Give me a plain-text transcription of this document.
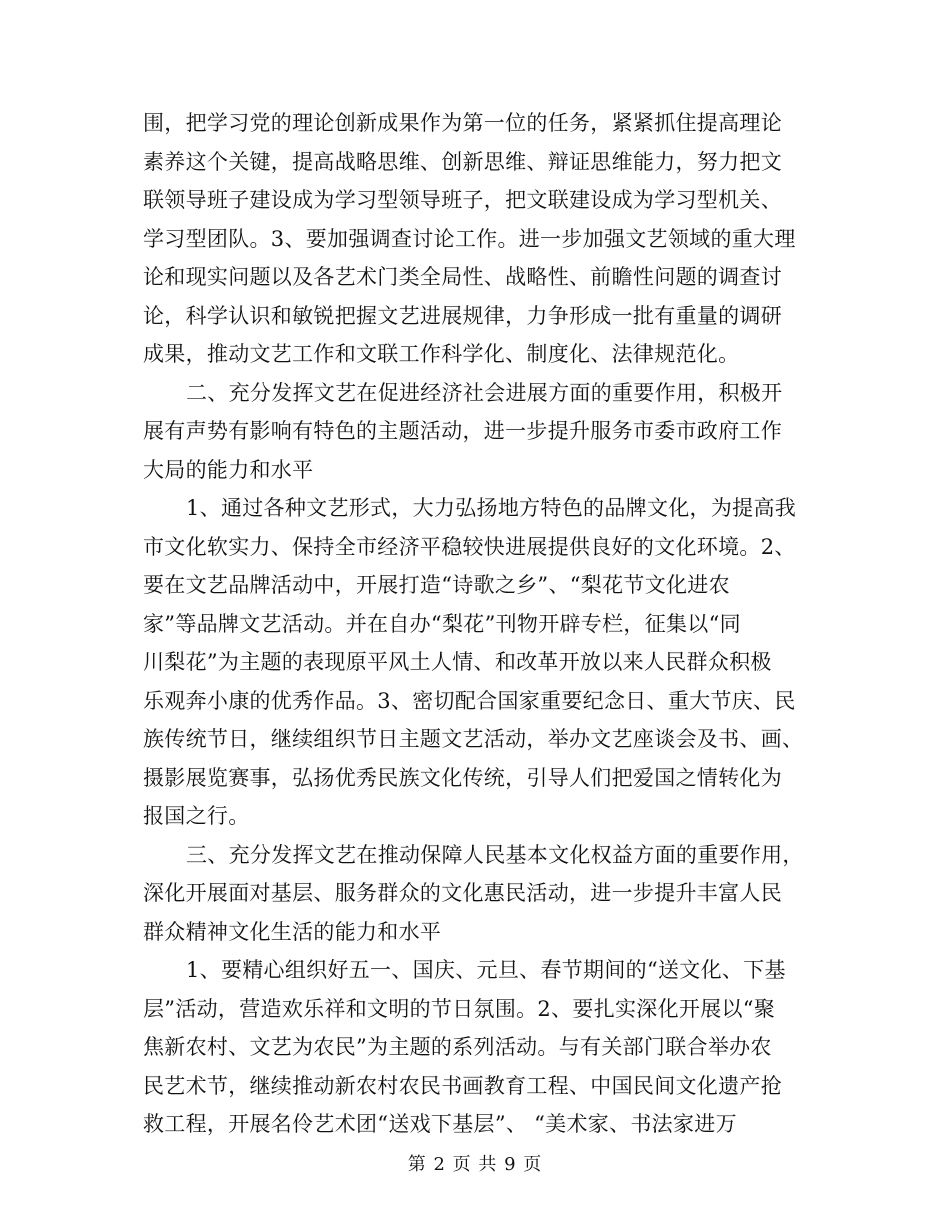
围，把学习党的理论创新成果作为第一位的任务，紧紧抓住提高理论
素养这个关键，提高战略思维、创新思维、辩证思维能力，努力把文
联领导班子建设成为学习型领导班子，把文联建设成为学习型机关、
学习型团队。3、要加强调查讨论工作。进一步加强文艺领域的重大理
论和现实问题以及各艺术门类全局性、战略性、前瞻性问题的调查讨
论，科学认识和敏锐把握文艺进展规律，力争形成一批有重量的调研
成果，推动文艺工作和文联工作科学化、制度化、法律规范化。
二、充分发挥文艺在促进经济社会进展方面的重要作用，积极开
展有声势有影响有特色的主题活动，进一步提升服务市委市政府工作
大局的能力和水平
1、通过各种文艺形式，大力弘扬地方特色的品牌文化，为提高我
市文化软实力、保持全市经济平稳较快进展提供良好的文化环境。2、
要在文艺品牌活动中，开展打造“诗歌之乡”、“梨花节文化进农
家”等品牌文艺活动。并在自办“梨花”刊物开辟专栏，征集以“同
川梨花”为主题的表现原平风土人情、和改革开放以来人民群众积极
乐观奔小康的优秀作品。3、密切配合国家重要纪念日、重大节庆、民
族传统节日，继续组织节日主题文艺活动，举办文艺座谈会及书、画、
摄影展览赛事，弘扬优秀民族文化传统，引导人们把爱国之情转化为
报国之行。
三、充分发挥文艺在推动保障人民基本文化权益方面的重要作用，
深化开展面对基层、服务群众的文化惠民活动，进一步提升丰富人民
群众精神文化生活的能力和水平
1、要精心组织好五一、国庆、元旦、春节期间的“送文化、下基
层”活动，营造欢乐祥和文明的节日氛围。2、要扎实深化开展以“聚
焦新农村、文艺为农民”为主题的系列活动。与有关部门联合举办农
民艺术节，继续推动新农村农民书画教育工程、中国民间文化遗产抢
第 2 页 共 9 页
救工程，开展名伶艺术团“送戏下基层”、 “美术家、书法家进万
